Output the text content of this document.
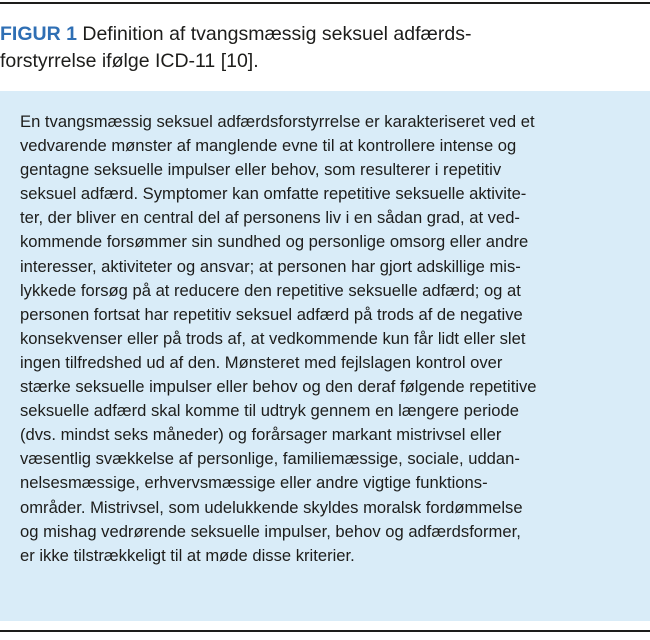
FIGUR 1 Definition af tvangsmæssig seksuel adfærds-
forstyrrelse ifølge ICD-11 [10].
En tvangsmæssig seksuel adfærdsforstyrrelse er karakteriseret ved et
vedvarende mønster af manglende evne til at kontrollere intense og
gentagne seksuelle impulser eller behov, som resulterer i repetitiv
seksuel adfærd. Symptomer kan omfatte repetitive seksuelle aktivite-
ter, der bliver en central del af personens liv i en sådan grad, at ved-
kommende forsømmer sin sundhed og personlige omsorg eller andre
interesser, aktiviteter og ansvar; at personen har gjort adskillige mis-
lykkede forsøg på at reducere den repetitive seksuelle adfærd; og at
personen fortsat har repetitiv seksuel adfærd på trods af de negative
konsekvenser eller på trods af, at vedkommende kun får lidt eller slet
ingen tilfredshed ud af den. Mønsteret med fejlslagen kontrol over
stærke seksuelle impulser eller behov og den deraf følgende repetitive
seksuelle adfærd skal komme til udtryk gennem en længere periode
(dvs. mindst seks måneder) og forårsager markant mistrivsel eller
væsentlig svækkelse af personlige, familiemæssige, sociale, uddan-
nelsesmæssige, erhvervsmæssige eller andre vigtige funktions-
områder. Mistrivsel, som udelukkende skyldes moralsk fordømmelse
og mishag vedrørende seksuelle impulser, behov og adfærdsformer,
er ikke tilstrækkeligt til at møde disse kriterier.
